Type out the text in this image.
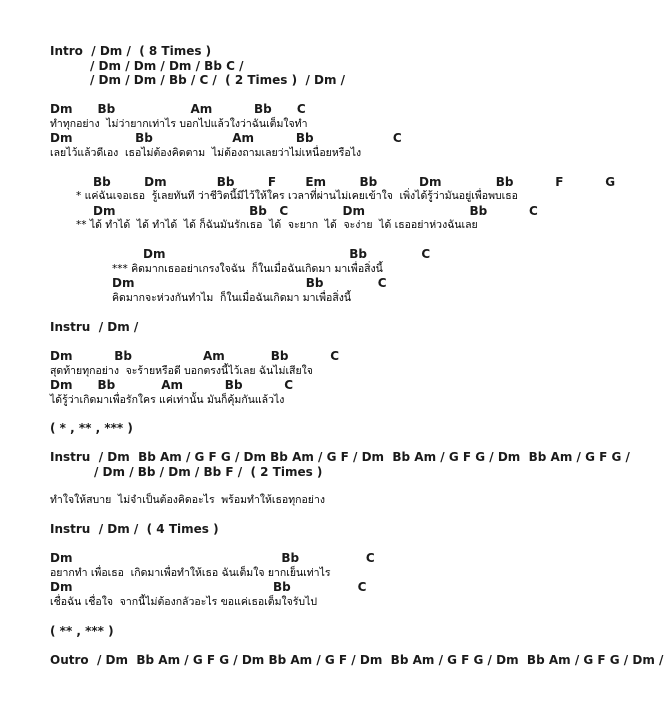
Intro  / Dm /  ( 8 Times )
/ Dm / Dm / Dm / Bb C /
/ Dm / Dm / Bb / C /  ( 2 Times )  / Dm /
Dm      Bb                  Am          Bb      C
ทำทุกอย่าง  ไม่ว่ายากเท่าไร บอกไปแล้วใงว่าฉันเต็มใจทำ
Dm               Bb                   Am          Bb                   C
เลยไว้แล้วดีเอง  เธอไม่ต้องคิดตาม  ไม่ต้องถามเลยว่าไม่เหนื่อยหรือไง
Bb        Dm            Bb        F       Em        Bb          Dm             Bb          F          G
* แค่ฉันเจอเธอ  รู้เลยทันที ว่าชีวิตนี้มีไว้ให้ใคร เวลาที่ผ่านไม่เคยเข้าใจ  เพิ่งได้รู้ว่ามันอยู่เพื่อพบเธอ
Dm                                Bb   C             Dm                         Bb          C
** ได้ ทำได้  ได้ ทำได้  ได้ ก็ฉันมันรักเธอ  ได้  จะยาก  ได้  จะง่าย  ได้ เธออย่าห่วงฉันเลย
Dm                                            Bb             C
*** คิดมากเธออย่าเกรงใจฉัน  ก็ในเมื่อฉันเกิดมา มาเพื่อสิ่งนี้
Dm                                         Bb             C
คิดมากจะห่วงกันทำไม  ก็ในเมื่อฉันเกิดมา มาเพื่อสิ่งนี้
Instru  / Dm /
Dm          Bb                 Am           Bb          C
สุดท้ายทุกอย่าง  จะร้ายหรือดี บอกตรงนี้ไว้เลย ฉันไม่เสียใจ
Dm      Bb           Am          Bb          C
ได้รู้ว่าเกิดมาเพื่อรักใคร แค่เท่านั้น มันก็คุ้มกันแล้วไง
( * , ** , *** )
Instru  / Dm  Bb Am / G F G / Dm Bb Am / G F / Dm  Bb Am / G F G / Dm  Bb Am / G F G /
/ Dm / Bb / Dm / Bb F /  ( 2 Times )
ทำใจให้สบาย  ไม่จำเป็นต้องคิดอะไร  พร้อมทำให้เธอทุกอย่าง
Instru  / Dm /  ( 4 Times )
Dm                                                  Bb                C
อยากทำ เพื่อเธอ  เกิดมาเพื่อทำให้เธอ ฉันเต็มใจ ยากเย็นเท่าไร
Dm                                                Bb                C
เชื่อฉัน เชื่อใจ  จากนี้ไม่ต้องกลัวอะไร ขอแค่เธอเต็มใจรับไป
( ** , *** )
Outro  / Dm  Bb Am / G F G / Dm Bb Am / G F / Dm  Bb Am / G F G / Dm  Bb Am / G F G / Dm /
